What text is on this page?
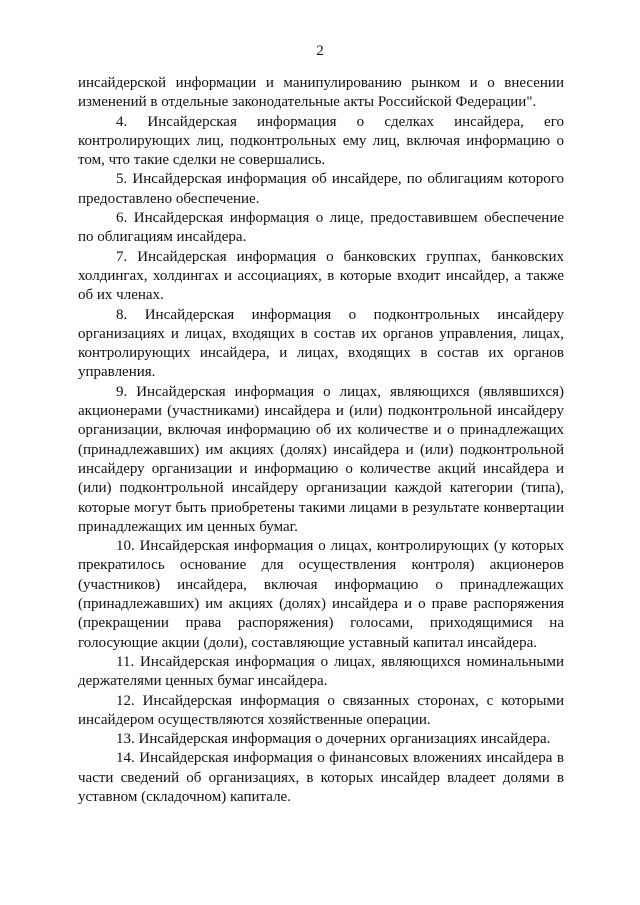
2

инсайдерской информации и манипулированию рынком и о внесении изменений в отдельные законодательные акты Российской Федерации".

4. Инсайдерская информация о сделках инсайдера, его контролирующих лиц, подконтрольных ему лиц, включая информацию о том, что такие сделки не совершались.

5. Инсайдерская информация об инсайдере, по облигациям которого предоставлено обеспечение.

6. Инсайдерская информация о лице, предоставившем обеспечение по облигациям инсайдера.

7. Инсайдерская информация о банковских группах, банковских холдингах, холдингах и ассоциациях, в которые входит инсайдер, а также об их членах.

8. Инсайдерская информация о подконтрольных инсайдеру организациях и лицах, входящих в состав их органов управления, лицах, контролирующих инсайдера, и лицах, входящих в состав их органов управления.

9. Инсайдерская информация о лицах, являющихся (являвшихся) акционерами (участниками) инсайдера и (или) подконтрольной инсайдеру организации, включая информацию об их количестве и о принадлежащих (принадлежавших) им акциях (долях) инсайдера и (или) подконтрольной инсайдеру организации и информацию о количестве акций инсайдера и (или) подконтрольной инсайдеру организации каждой категории (типа), которые могут быть приобретены такими лицами в результате конвертации принадлежащих им ценных бумаг.

10. Инсайдерская информация о лицах, контролирующих (у которых прекратилось основание для осуществления контроля) акционеров (участников) инсайдера, включая информацию о принадлежащих (принадлежавших) им акциях (долях) инсайдера и о праве распоряжения (прекращении права распоряжения) голосами, приходящимися на голосующие акции (доли), составляющие уставный капитал инсайдера.

11. Инсайдерская информация о лицах, являющихся номинальными держателями ценных бумаг инсайдера.

12. Инсайдерская информация о связанных сторонах, с которыми инсайдером осуществляются хозяйственные операции.

13. Инсайдерская информация о дочерних организациях инсайдера.

14. Инсайдерская информация о финансовых вложениях инсайдера в части сведений об организациях, в которых инсайдер владеет долями в уставном (складочном) капитале.
